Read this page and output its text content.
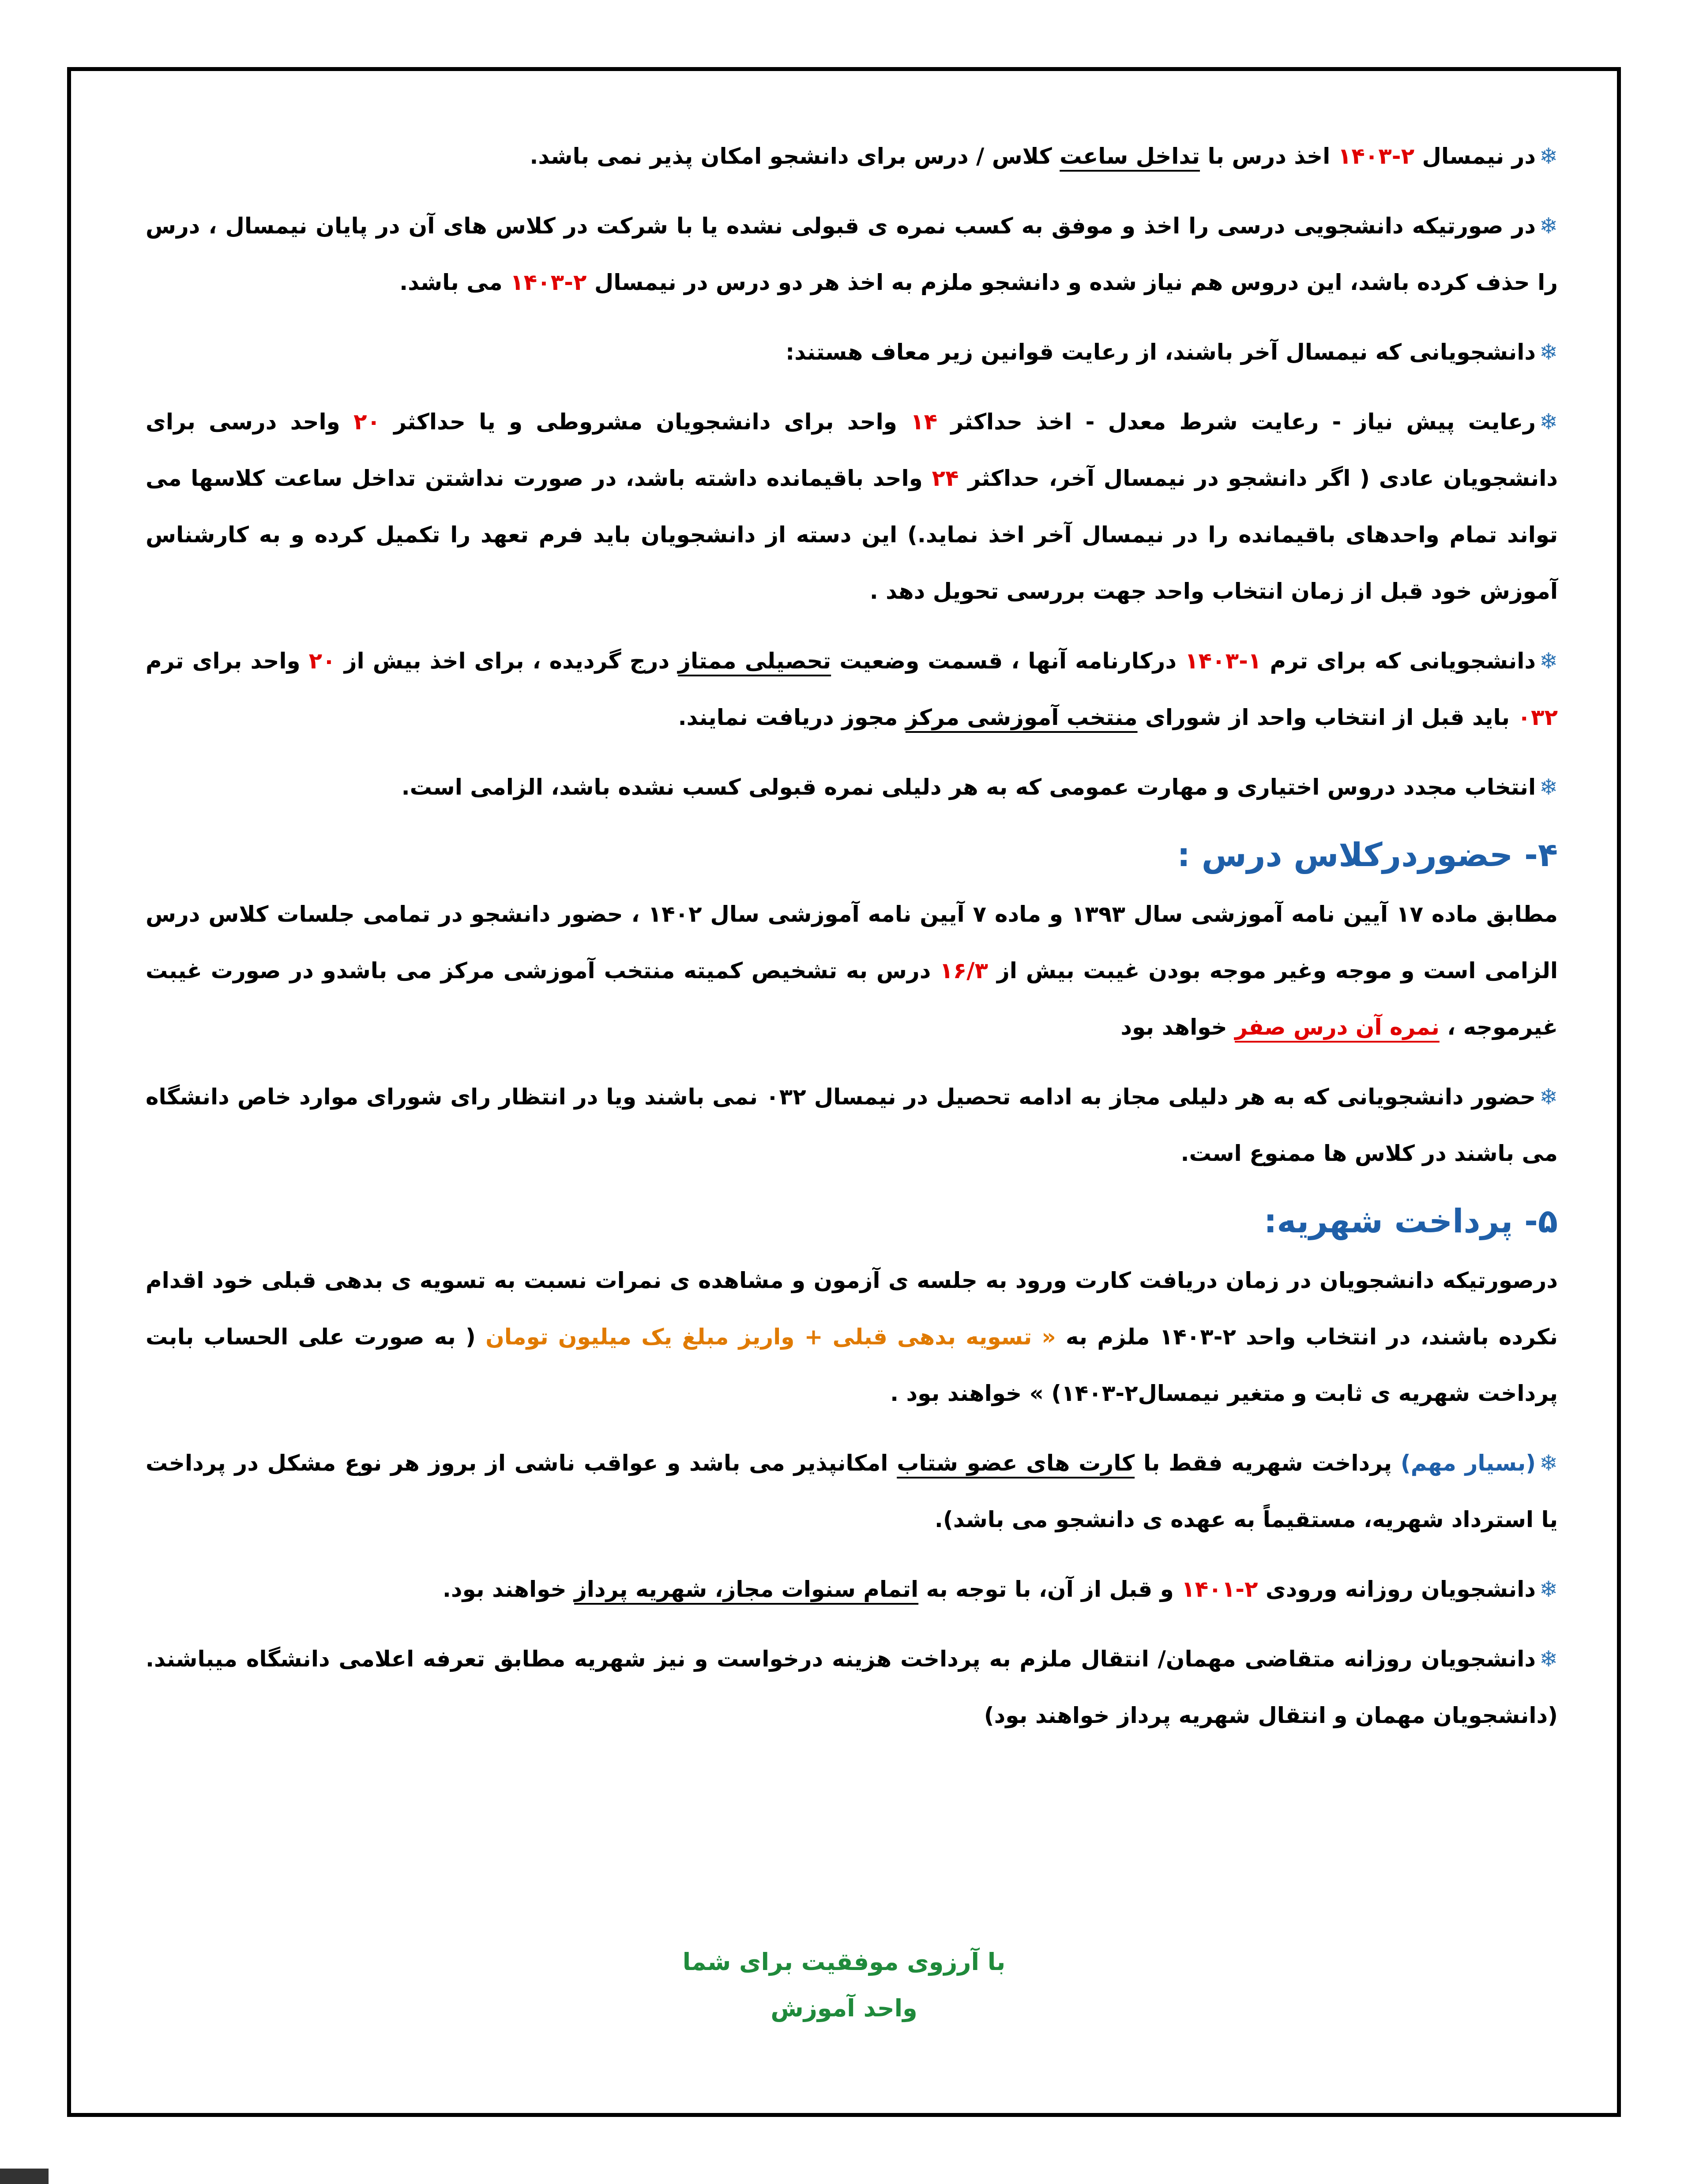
❄در نیمسال ۲-۱۴۰۳ اخذ درس با تداخل ساعت کلاس / درس برای دانشجو امکان پذیر نمی باشد.

❄در صورتیکه دانشجویی درسی را اخذ و موفق به کسب نمره ی قبولی نشده یا با شرکت در کلاس های آن در پایان نیمسال ، درس را حذف کرده باشد، این دروس هم نیاز شده و دانشجو ملزم به اخذ هر دو درس در نیمسال ۲-۱۴۰۳ می باشد.

❄دانشجویانی که نیمسال آخر باشند، از رعایت قوانین زیر معاف هستند:

❄رعایت پیش نیاز - رعایت شرط معدل - اخذ حداکثر ۱۴ واحد برای دانشجویان مشروطی و یا حداکثر ۲۰ واحد درسی برای دانشجویان عادی ( اگر دانشجو در نیمسال آخر، حداکثر ۲۴ واحد باقیمانده داشته باشد، در صورت نداشتن تداخل ساعت کلاسها می تواند تمام واحدهای باقیمانده را در نیمسال آخر اخذ نماید.) این دسته از دانشجویان باید فرم تعهد را تکمیل کرده و به کارشناس آموزش خود قبل از زمان انتخاب واحد جهت بررسی تحویل دهد .

❄دانشجویانی که برای ترم ۱-۱۴۰۳ درکارنامه آنها ، قسمت وضعیت تحصیلی ممتاز درج گردیده ، برای اخذ بیش از ۲۰ واحد برای ترم ۰۳۲ باید قبل از انتخاب واحد از شورای منتخب آموزشی مرکز مجوز دریافت نمایند.

❄انتخاب مجدد دروس اختیاری و مهارت عمومی که به هر دلیلی نمره قبولی کسب نشده باشد، الزامی است.

۴- حضوردرکلاس درس :

مطابق ماده ۱۷ آیین نامه آموزشی سال ۱۳۹۳ و ماده ۷ آیین نامه آموزشی سال ۱۴۰۲ ، حضور دانشجو در تمامی جلسات کلاس درس الزامی است و موجه وغیر موجه بودن غیبت بیش از ۱۶/۳ درس به تشخیص کمیته منتخب آموزشی مرکز می باشدو در صورت غیبت غیرموجه ، نمره آن درس صفر خواهد بود

❄حضور دانشجویانی که به هر دلیلی مجاز به ادامه تحصیل در نیمسال ۰۳۲ نمی باشند ویا در انتظار رای شورای موارد خاص دانشگاه می باشند در کلاس ها ممنوع است.

۵- پرداخت شهریه:

درصورتیکه دانشجویان در زمان دریافت کارت ورود به جلسه ی آزمون و مشاهده ی نمرات نسبت به تسویه ی بدهی قبلی خود اقدام نکرده باشند، در انتخاب واحد ۲-۱۴۰۳ ملزم به « تسویه بدهی قبلی + واریز مبلغ یک میلیون تومان ( به صورت علی الحساب بابت پرداخت شهریه ی ثابت و متغیر نیمسال۲-۱۴۰۳) » خواهند بود .

❄(بسیار مهم) پرداخت شهریه فقط با کارت های عضو شتاب امکانپذیر می باشد و عواقب ناشی از بروز هر نوع مشکل در پرداخت یا استرداد شهریه، مستقیماً به عهده ی دانشجو می باشد).

❄دانشجویان روزانه ورودی ۲-۱۴۰۱ و قبل از آن، با توجه به اتمام سنوات مجاز، شهریه پرداز خواهند بود.

❄دانشجویان روزانه متقاضی مهمان/ انتقال ملزم به پرداخت هزینه درخواست و نیز شهریه مطابق تعرفه اعلامی دانشگاه میباشند.(دانشجویان مهمان و انتقال شهریه پرداز خواهند بود)

با آرزوی موفقیت برای شما
واحد آموزش
